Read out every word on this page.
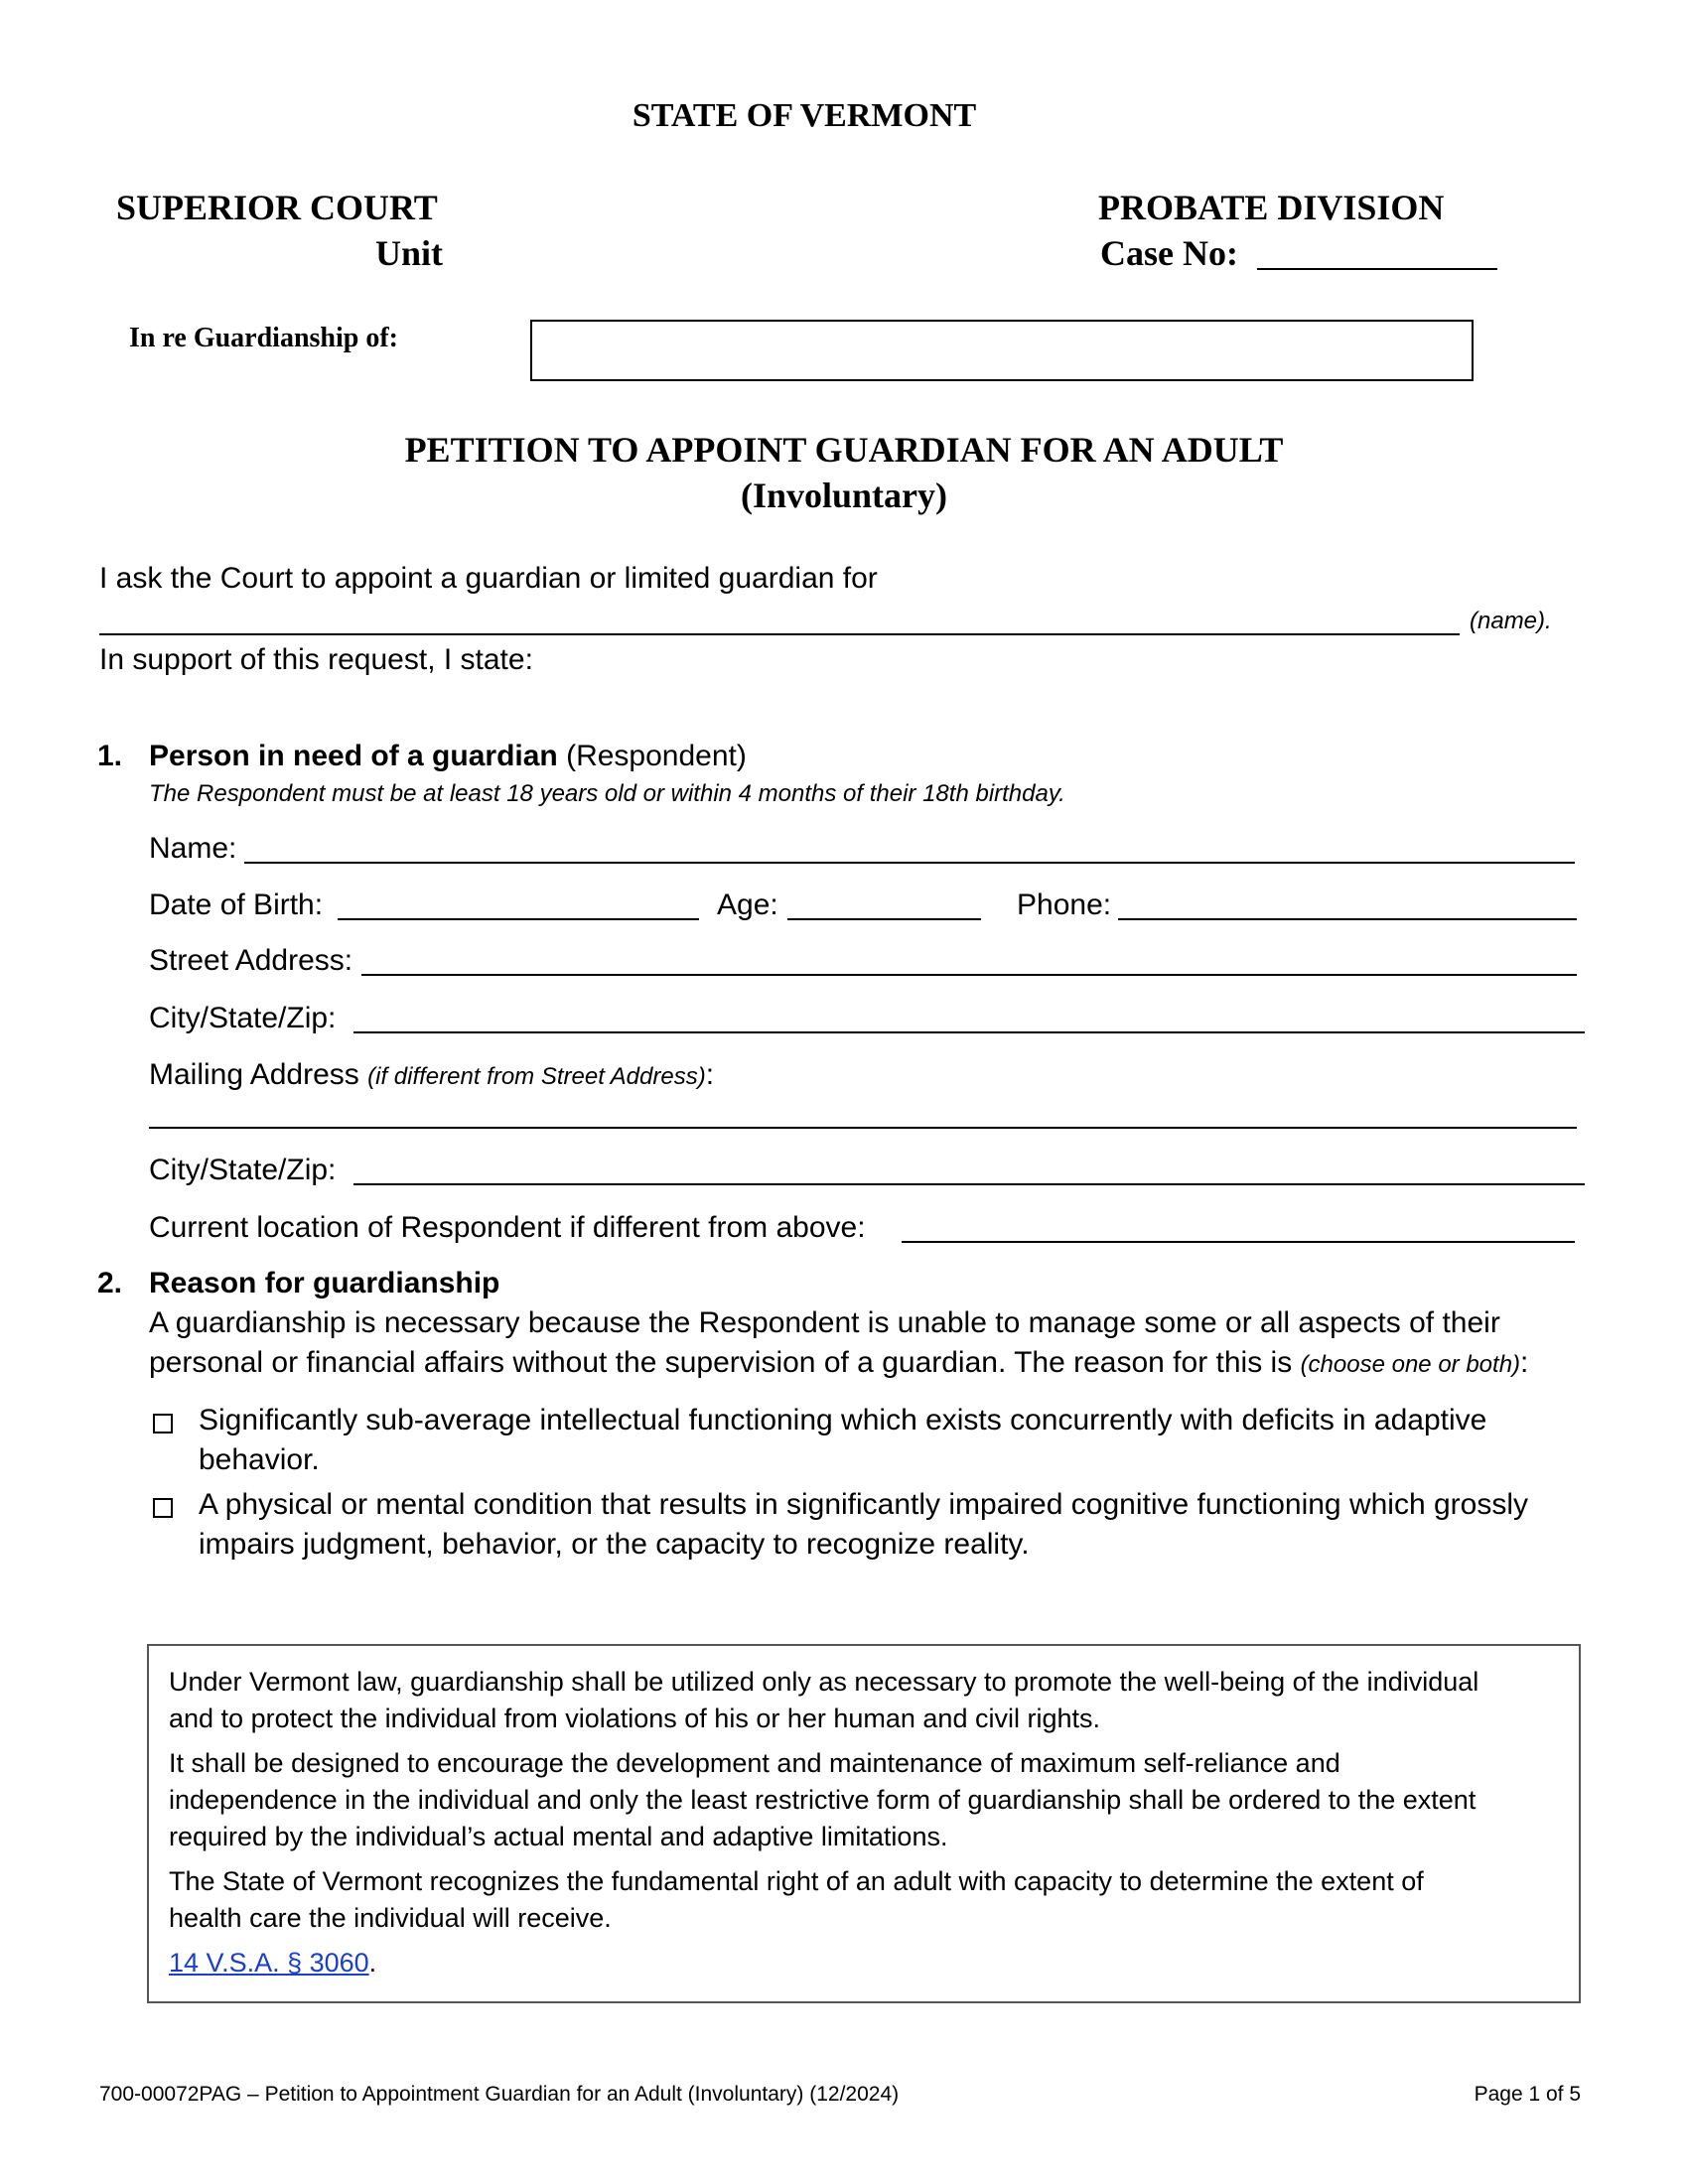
STATE OF VERMONT
SUPERIOR COURT
Unit
PROBATE DIVISION
Case No:
In re Guardianship of:
PETITION TO APPOINT GUARDIAN FOR AN ADULT
(Involuntary)
I ask the Court to appoint a guardian or limited guardian for
(name).
In support of this request, I state:
1. Person in need of a guardian (Respondent)
The Respondent must be at least 18 years old or within 4 months of their 18th birthday.
Name:
Date of Birth:	Age:	Phone:
Street Address:
City/State/Zip:
Mailing Address (if different from Street Address):
City/State/Zip:
Current location of Respondent if different from above:
2. Reason for guardianship
A guardianship is necessary because the Respondent is unable to manage some or all aspects of their
personal or financial affairs without the supervision of a guardian. The reason for this is (choose one or both):
Significantly sub-average intellectual functioning which exists concurrently with deficits in adaptive
behavior.
A physical or mental condition that results in significantly impaired cognitive functioning which grossly
impairs judgment, behavior, or the capacity to recognize reality.

Under Vermont law, guardianship shall be utilized only as necessary to promote the well-being of the individual

and to protect the individual from violations of his or her human and civil rights.

It shall be designed to encourage the development and maintenance of maximum self-reliance and

independence in the individual and only the least restrictive form of guardianship shall be ordered to the extent

required by the individual’s actual mental and adaptive limitations.

The State of Vermont recognizes the fundamental right of an adult with capacity to determine the extent of

health care the individual will receive.

14 V.S.A. § 3060.

700-00072PAG – Petition to Appointment Guardian for an Adult (Involuntary) (12/2024)	Page 1 of 5
